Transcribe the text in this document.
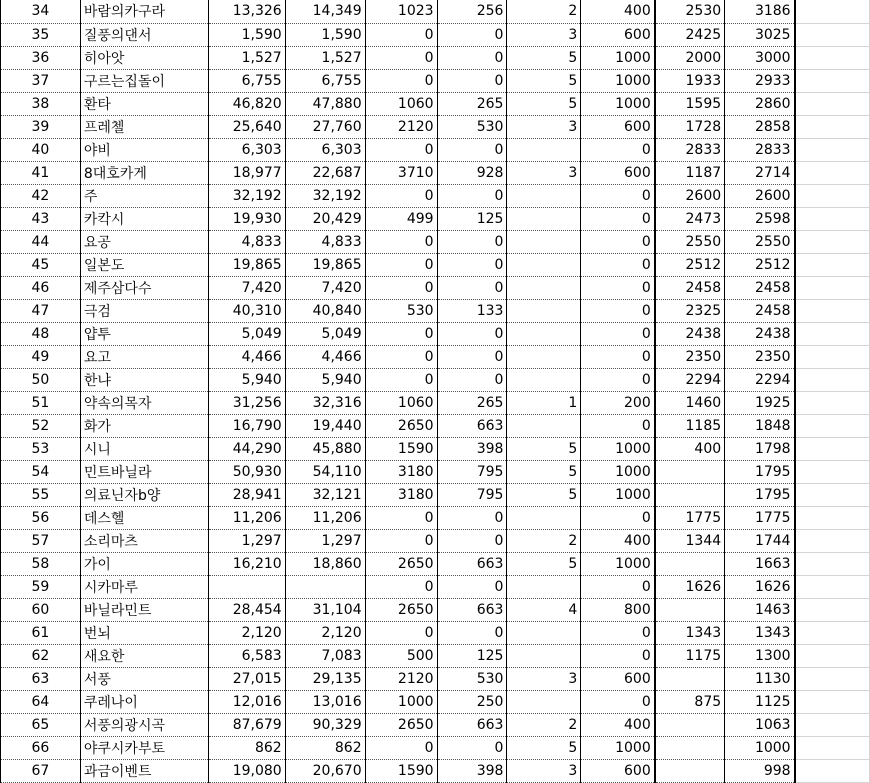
34	바람의카구라	13,326	14,349	1023	256	2	400	2530	3186	
35	질풍의댄서	1,590	1,590	0	0	3	600	2425	3025	
36	히아앗	1,527	1,527	0	0	5	1000	2000	3000	
37	구르는집돌이	6,755	6,755	0	0	5	1000	1933	2933	
38	환타	46,820	47,880	1060	265	5	1000	1595	2860	
39	프레첼	25,640	27,760	2120	530	3	600	1728	2858	
40	야비	6,303	6,303	0	0		0	2833	2833	
41	8대호카게	18,977	22,687	3710	928	3	600	1187	2714	
42	주	32,192	32,192	0	0		0	2600	2600	
43	카칵시	19,930	20,429	499	125		0	2473	2598	
44	요공	4,833	4,833	0	0		0	2550	2550	
45	일본도	19,865	19,865	0	0		0	2512	2512	
46	제주삼다수	7,420	7,420	0	0		0	2458	2458	
47	극검	40,310	40,840	530	133		0	2325	2458	
48	얍투	5,049	5,049	0	0		0	2438	2438	
49	요고	4,466	4,466	0	0		0	2350	2350	
50	한냐	5,940	5,940	0	0		0	2294	2294	
51	약속의목자	31,256	32,316	1060	265	1	200	1460	1925	
52	화가	16,790	19,440	2650	663		0	1185	1848	
53	시니	44,290	45,880	1590	398	5	1000	400	1798	
54	민트바닐라	50,930	54,110	3180	795	5	1000		1795	
55	의료닌자b양	28,941	32,121	3180	795	5	1000		1795	
56	데스헬	11,206	11,206	0	0		0	1775	1775	
57	소리마츠	1,297	1,297	0	0	2	400	1344	1744	
58	가이	16,210	18,860	2650	663	5	1000		1663	
59	시카마루			0	0		0	1626	1626	
60	바닐라민트	28,454	31,104	2650	663	4	800		1463	
61	번뇌	2,120	2,120	0	0		0	1343	1343	
62	새요한	6,583	7,083	500	125		0	1175	1300	
63	서풍	27,015	29,135	2120	530	3	600		1130	
64	쿠레나이	12,016	13,016	1000	250		0	875	1125	
65	서풍의광시곡	87,679	90,329	2650	663	2	400		1063	
66	야쿠시카부토	862	862	0	0	5	1000		1000	
67	과금이벤트	19,080	20,670	1590	398	3	600		998	
